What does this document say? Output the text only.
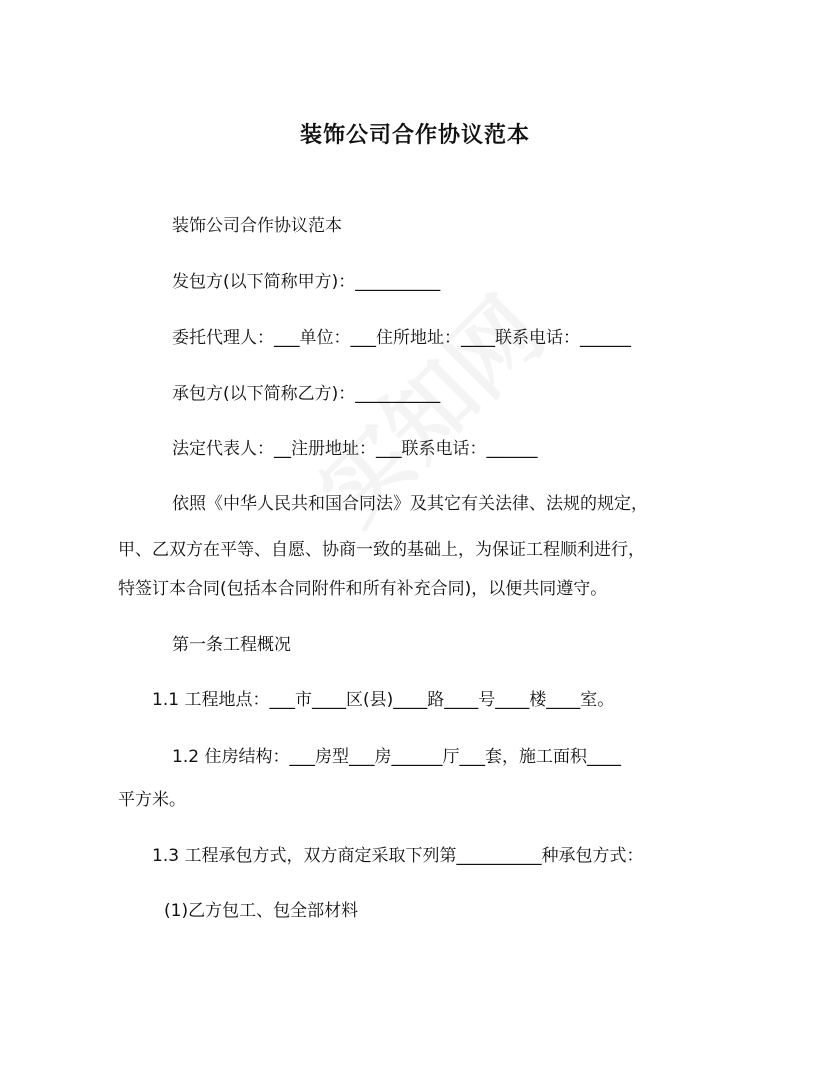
装饰公司合作协议范本
装饰公司合作协议范本
发包方(以下简称甲方)：__________
委托代理人：___单位：___住所地址：____联系电话：______
承包方(以下简称乙方)：__________
法定代表人：__注册地址：___联系电话：______
依照《中华人民共和国合同法》及其它有关法律、法规的规定，
甲、乙双方在平等、自愿、协商一致的基础上，为保证工程顺利进行，
特签订本合同(包括本合同附件和所有补充合同)，以便共同遵守。
第一条工程概况
1.1 工程地点：___市____区(县)____路____号____楼____室。
1.2 住房结构：___房型___房______厅___套，施工面积____
平方米。
1.3 工程承包方式，双方商定采取下列第__________种承包方式：
(1)乙方包工、包全部材料
